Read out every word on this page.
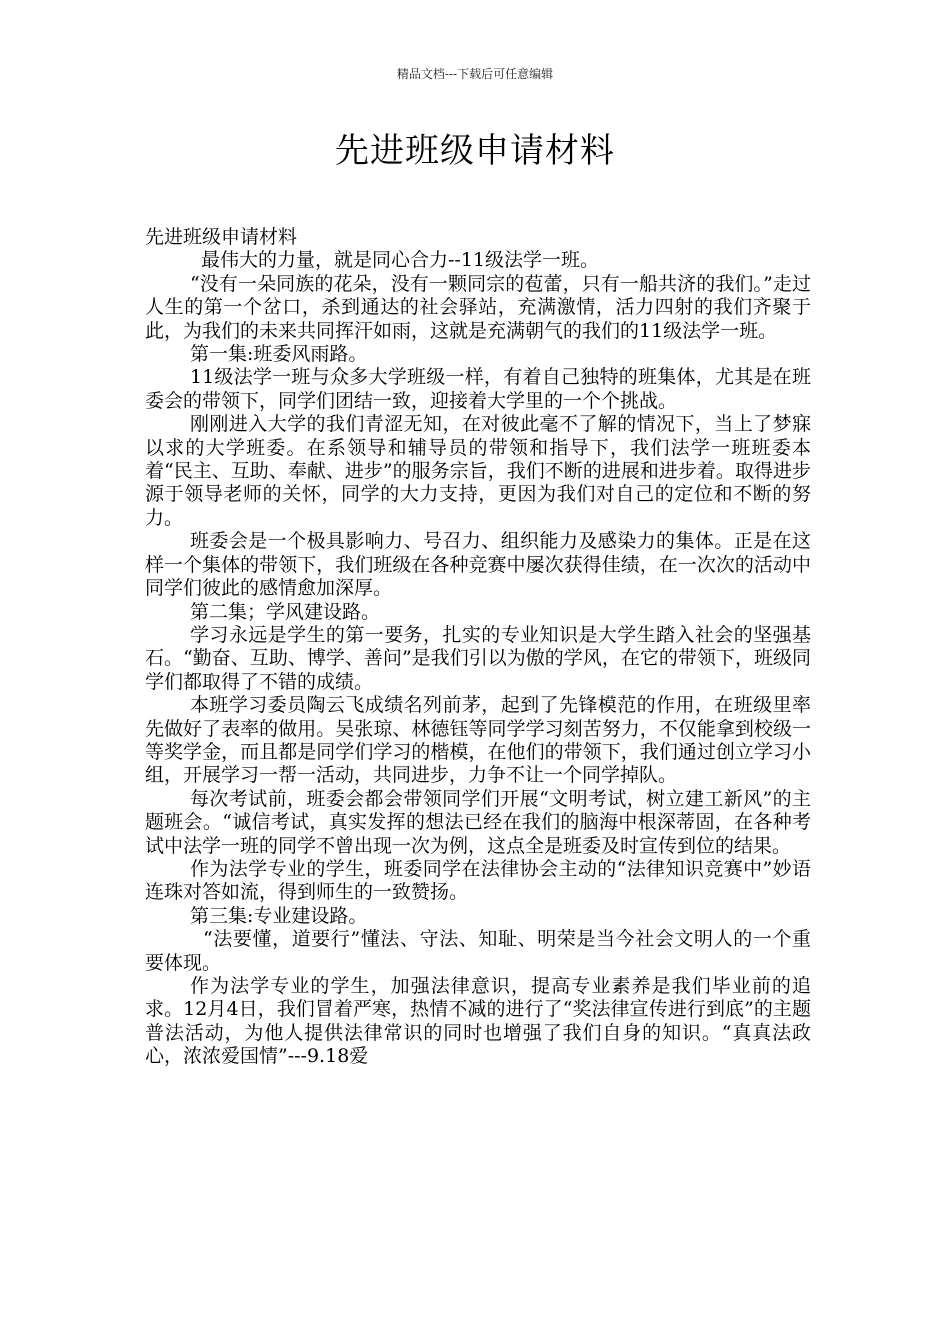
精品文档---下载后可任意编辑
先进班级申请材料

先进班级申请材料

最伟大的力量，就是同心合力--11级法学一班。

“没有一朵同族的花朵，没有一颗同宗的苞蕾，只有一船共济的我们。”走过人生的第一个岔口，杀到通达的社会驿站，充满激情，活力四射的我们齐聚于此，为我们的未来共同挥汗如雨，这就是充满朝气的我们的11级法学一班。

第一集:班委风雨路。

11级法学一班与众多大学班级一样，有着自己独特的班集体，尤其是在班委会的带领下，同学们团结一致，迎接着大学里的一个个挑战。

刚刚进入大学的我们青涩无知，在对彼此毫不了解的情况下，当上了梦寐以求的大学班委。在系领导和辅导员的带领和指导下，我们法学一班班委本着“民主、互助、奉献、进步”的服务宗旨，我们不断的进展和进步着。取得进步源于领导老师的关怀，同学的大力支持，更因为我们对自己的定位和不断的努力。

班委会是一个极具影响力、号召力、组织能力及感染力的集体。正是在这样一个集体的带领下，我们班级在各种竞赛中屡次获得佳绩，在一次次的活动中同学们彼此的感情愈加深厚。

第二集；学风建设路。

学习永远是学生的第一要务，扎实的专业知识是大学生踏入社会的坚强基石。“勤奋、互助、博学、善问”是我们引以为傲的学风，在它的带领下，班级同学们都取得了不错的成绩。

本班学习委员陶云飞成绩名列前茅，起到了先锋模范的作用，在班级里率先做好了表率的做用。吴张琼、林德钰等同学学习刻苦努力，不仅能拿到校级一等奖学金，而且都是同学们学习的楷模，在他们的带领下，我们通过创立学习小组，开展学习一帮一活动，共同进步，力争不让一个同学掉队。

每次考试前，班委会都会带领同学们开展“文明考试，树立建工新风”的主题班会。“诚信考试，真实发挥的想法已经在我们的脑海中根深蒂固，在各种考试中法学一班的同学不曾出现一次为例，这点全是班委及时宣传到位的结果。

作为法学专业的学生，班委同学在法律协会主动的“法律知识竞赛中”妙语连珠对答如流，得到师生的一致赞扬。

第三集:专业建设路。

“法要懂，道要行”懂法、守法、知耻、明荣是当今社会文明人的一个重要体现。

作为法学专业的学生，加强法律意识，提高专业素养是我们毕业前的追求。12月4日，我们冒着严寒，热情不减的进行了“奖法律宣传进行到底”的主题普法活动，为他人提供法律常识的同时也增强了我们自身的知识。“真真法政心，浓浓爱国情”---9.18爱
